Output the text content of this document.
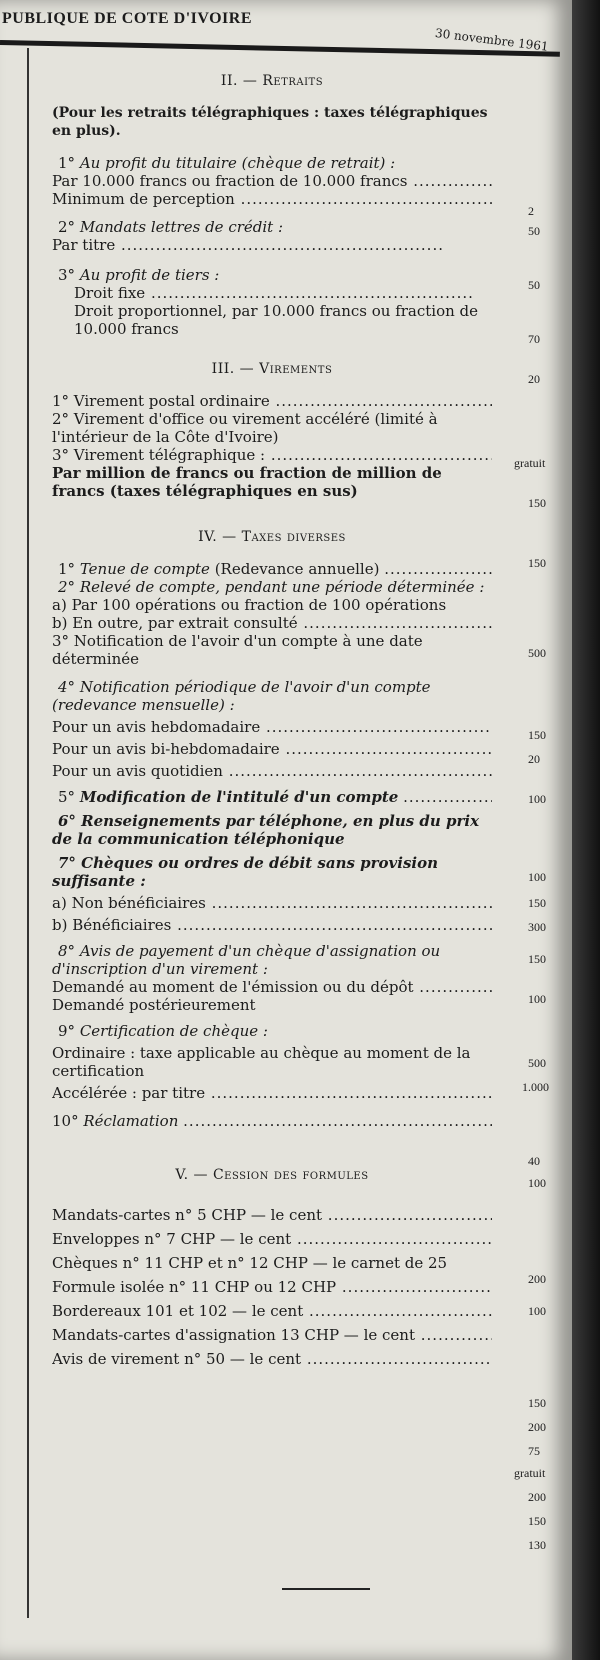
PUBLIQUE DE COTE D'IVOIRE
30 novembre 1961

II. — Retraits

(Pour les retraits télégraphiques : taxes télégraphiques en plus).

1° Au profit du titulaire (chèque de retrait) :

Par 10.000 francs ou fraction de 10.000 francs .....

Minimum de perception .....

2° Mandats lettres de crédit :

Par titre .....

3° Au profit de tiers :

Droit fixe .....

Droit proportionnel, par 10.000 francs ou fraction de 10.000 francs

III. — Virements

1° Virement postal ordinaire .....

2° Virement d'office ou virement accéléré (limité à l'intérieur de la Côte d'Ivoire)

3° Virement télégraphique : .....

Par million de francs ou fraction de million de francs (taxes télégraphiques en sus)

IV. — Taxes diverses

1° Tenue de compte (Redevance annuelle) .....

2° Relevé de compte, pendant une période déterminée :

a) Par 100 opérations ou fraction de 100 opérations

b) En outre, par extrait consulté .....

3° Notification de l'avoir d'un compte à une date déterminée

4° Notification périodique de l'avoir d'un compte (redevance mensuelle) :

Pour un avis hebdomadaire .....

Pour un avis bi-hebdomadaire .....

Pour un avis quotidien .....

5° Modification de l'intitulé d'un compte .....

6° Renseignements par téléphone, en plus du prix de la communication téléphonique

7° Chèques ou ordres de débit sans provision suffisante :

a) Non bénéficiaires .....

b) Bénéficiaires .....

8° Avis de payement d'un chèque d'assignation ou d'inscription d'un virement :

Demandé au moment de l'émission ou du dépôt .....

Demandé postérieurement

9° Certification de chèque :

Ordinaire : taxe applicable au chèque au moment de la certification

Accélérée : par titre .....

10° Réclamation .....

V. — Cession des formules

Mandats-cartes n° 5 CHP — le cent .....

Enveloppes n° 7 CHP — le cent .....

Chèques n° 11 CHP et n° 12 CHP — le carnet de 25

Formule isolée n° 11 CHP ou 12 CHP .....

Bordereaux 101 et 102 — le cent .....

Mandats-cartes d'assignation 13 CHP — le cent .....

Avis de virement n° 50 — le cent .....

2
50
50
70
20
gratuit
150
150
500
150
20
100
100
150
300
150
100
500
1.000
40
100
200
100
150
200
75
gratuit
200
150
130
